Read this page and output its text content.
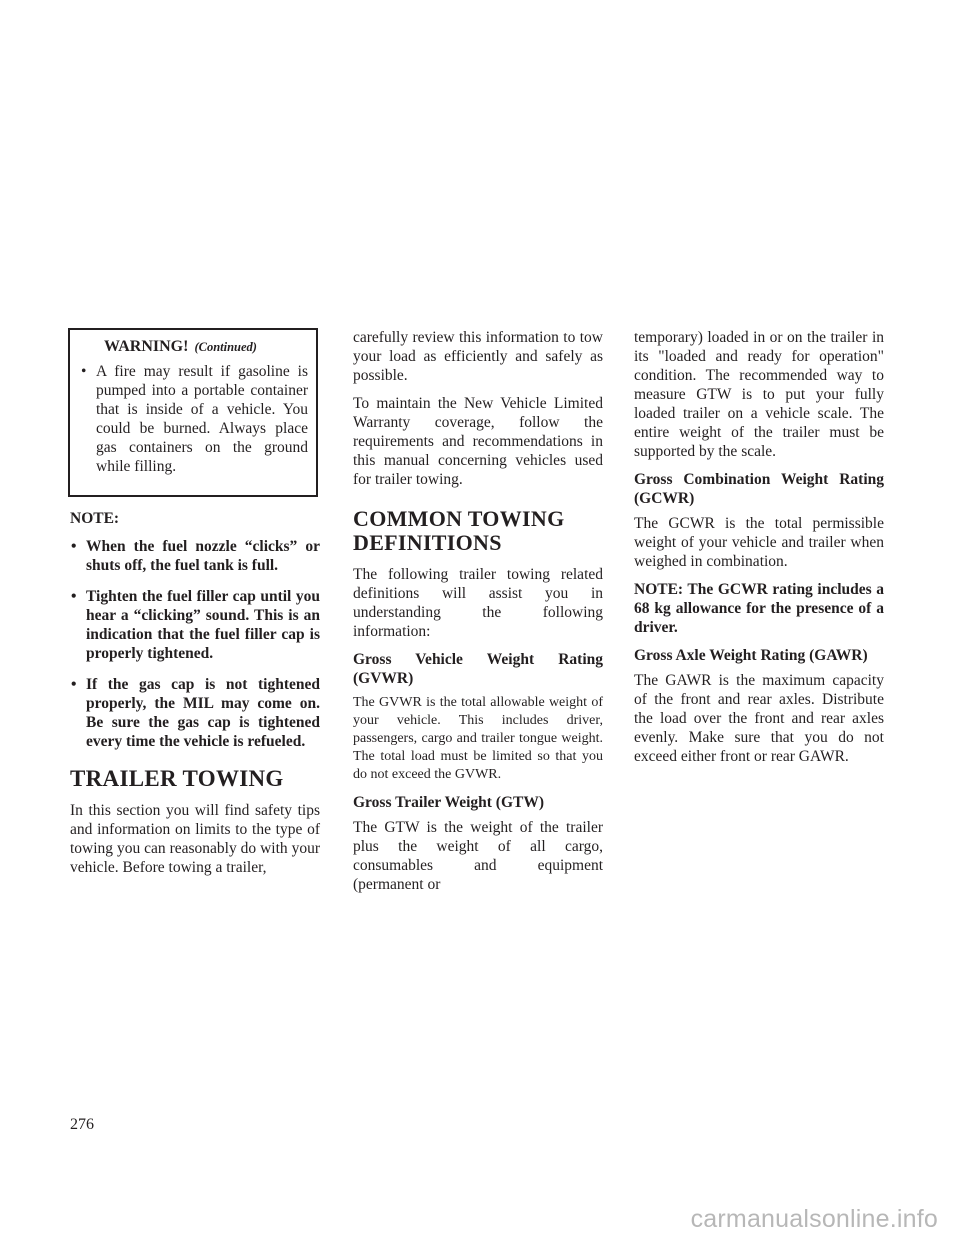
WARNING! (Continued)
• A fire may result if gasoline is pumped into a portable container that is inside of a vehicle. You could be burned. Always place gas containers on the ground while filling.

NOTE:

• When the fuel nozzle “clicks” or shuts off, the fuel tank is full.
• Tighten the fuel filler cap until you hear a “clicking” sound. This is an indication that the fuel filler cap is properly tightened.
• If the gas cap is not tightened properly, the MIL may come on. Be sure the gas cap is tightened every time the vehicle is refueled.
TRAILER TOWING

In this section you will find safety tips and information on limits to the type of towing you can reasonably do with your vehicle. Before towing a trailer,

carefully review this information to tow your load as efficiently and safely as possible.

To maintain the New Vehicle Limited Warranty coverage, follow the requirements and recommendations in this manual concerning vehicles used for trailer towing.

COMMON TOWING DEFINITIONS

The following trailer towing related definitions will assist you in understanding the following information:

Gross Vehicle Weight Rating (GVWR)

The GVWR is the total allowable weight of your vehicle. This includes driver, passengers, cargo and trailer tongue weight. The total load must be limited so that you do not exceed the GVWR.

Gross Trailer Weight (GTW)

The GTW is the weight of the trailer plus the weight of all cargo, consumables and equipment (permanent or

temporary) loaded in or on the trailer in its "loaded and ready for operation" condition. The recommended way to measure GTW is to put your fully loaded trailer on a vehicle scale. The entire weight of the trailer must be supported by the scale.

Gross Combination Weight Rating (GCWR)

The GCWR is the total permissible weight of your vehicle and trailer when weighed in combination.

NOTE: The GCWR rating includes a 68 kg allowance for the presence of a driver.

Gross Axle Weight Rating (GAWR)

The GAWR is the maximum capacity of the front and rear axles. Distribute the load over the front and rear axles evenly. Make sure that you do not exceed either front or rear GAWR.

276
carmanualsonline.info
